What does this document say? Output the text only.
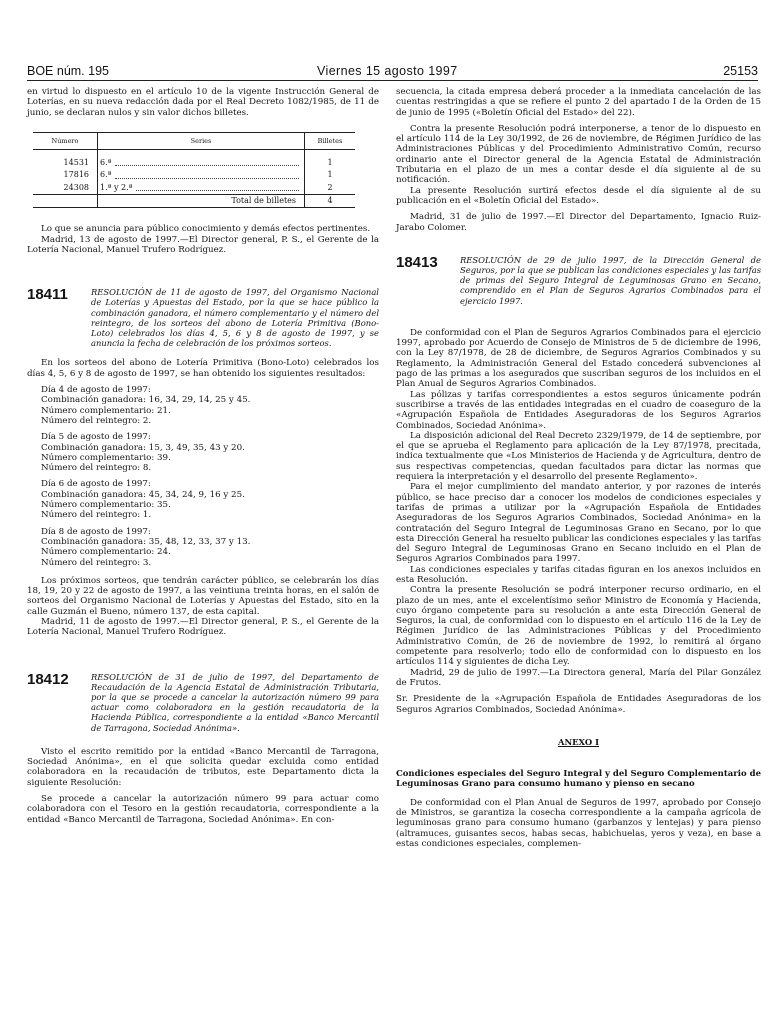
BOE núm. 195	Viernes 15 agosto 1997	25153

en virtud lo dispuesto en el artículo 10 de la vigente Instrucción General de Loterías, en su nueva redacción dada por el Real Decreto 1082/1985, de 11 de junio, se declaran nulos y sin valor dichos billetes.

Número	Series	Billetes

14531	6.ª	1
17816	6.ª	1
24308	1.ª y 2.ª	2
	Total de billetes	4

Lo que se anuncia para público conocimiento y demás efectos pertinentes.

Madrid, 13 de agosto de 1997.—El Director general, P. S., el Gerente de la Lotería Nacional, Manuel Trufero Rodríguez.

18411	RESOLUCIÓN de 11 de agosto de 1997, del Organismo Nacional de Loterías y Apuestas del Estado, por la que se hace público la combinación ganadora, el número complementario y el número del reintegro, de los sorteos del abono de Lotería Primitiva (Bono-Loto) celebrados los días 4, 5, 6 y 8 de agosto de 1997, y se anuncia la fecha de celebración de los próximos sorteos.

En los sorteos del abono de Lotería Primitiva (Bono-Loto) celebrados los días 4, 5, 6 y 8 de agosto de 1997, se han obtenido los siguientes resultados:

Día 4 de agosto de 1997:

Combinación ganadora: 16, 34, 29, 14, 25 y 45.

Número complementario: 21.

Número del reintegro: 2.

Día 5 de agosto de 1997:

Combinación ganadora: 15, 3, 49, 35, 43 y 20.

Número complementario: 39.

Número del reintegro: 8.

Día 6 de agosto de 1997:

Combinación ganadora: 45, 34, 24, 9, 16 y 25.

Número complementario: 35.

Número del reintegro: 1.

Día 8 de agosto de 1997:

Combinación ganadora: 35, 48, 12, 33, 37 y 13.

Número complementario: 24.

Número del reintegro: 3.

Los próximos sorteos, que tendrán carácter público, se celebrarán los días 18, 19, 20 y 22 de agosto de 1997, a las veintiuna treinta horas, en el salón de sorteos del Organismo Nacional de Loterías y Apuestas del Estado, sito en la calle Guzmán el Bueno, número 137, de esta capital.

Madrid, 11 de agosto de 1997.—El Director general, P. S., el Gerente de la Lotería Nacional, Manuel Trufero Rodríguez.

18412	RESOLUCIÓN de 31 de julio de 1997, del Departamento de Recaudación de la Agencia Estatal de Administración Tributaria, por la que se procede a cancelar la autorización número 99 para actuar como colaboradora en la gestión recaudatoria de la Hacienda Pública, correspondiente a la entidad «Banco Mercantil de Tarragona, Sociedad Anónima».

Visto el escrito remitido por la entidad «Banco Mercantil de Tarragona, Sociedad Anónima», en el que solicita quedar excluida como entidad colaboradora en la recaudación de tributos, este Departamento dicta la siguiente Resolución:

Se procede a cancelar la autorización número 99 para actuar como colaboradora con el Tesoro en la gestión recaudatoria, correspondiente a la entidad «Banco Mercantil de Tarragona, Sociedad Anónima». En con-

secuencia, la citada empresa deberá proceder a la inmediata cancelación de las cuentas restringidas a que se refiere el punto 2 del apartado I de la Orden de 15 de junio de 1995 («Boletín Oficial del Estado» del 22).

Contra la presente Resolución podrá interponerse, a tenor de lo dispuesto en el artículo 114 de la Ley 30/1992, de 26 de noviembre, de Régimen Jurídico de las Administraciones Públicas y del Procedimiento Administrativo Común, recurso ordinario ante el Director general de la Agencia Estatal de Administración Tributaria en el plazo de un mes a contar desde el día siguiente al de su notificación.

La presente Resolución surtirá efectos desde el día siguiente al de su publicación en el «Boletín Oficial del Estado».

Madrid, 31 de julio de 1997.—El Director del Departamento, Ignacio Ruiz-Jarabo Colomer.

18413	RESOLUCIÓN de 29 de julio 1997, de la Dirección General de Seguros, por la que se publican las condiciones especiales y las tarifas de primas del Seguro Integral de Leguminosas Grano en Secano, comprendido en el Plan de Seguros Agrarios Combinados para el ejercicio 1997.

De conformidad con el Plan de Seguros Agrarios Combinados para el ejercicio 1997, aprobado por Acuerdo de Consejo de Ministros de 5 de diciembre de 1996, con la Ley 87/1978, de 28 de diciembre, de Seguros Agrarios Combinados y su Reglamento, la Administración General del Estado concederá subvenciones al pago de las primas a los asegurados que suscriban seguros de los incluidos en el Plan Anual de Seguros Agrarios Combinados.

Las pólizas y tarifas correspondientes a estos seguros únicamente podrán suscribirse a través de las entidades integradas en el cuadro de coaseguro de la «Agrupación Española de Entidades Aseguradoras de los Seguros Agrarios Combinados, Sociedad Anónima».

La disposición adicional del Real Decreto 2329/1979, de 14 de septiembre, por el que se aprueba el Reglamento para aplicación de la Ley 87/1978, precitada, indica textualmente que «Los Ministerios de Hacienda y de Agricultura, dentro de sus respectivas competencias, quedan facultados para dictar las normas que requiera la interpretación y el desarrollo del presente Reglamento».

Para el mejor cumplimiento del mandato anterior, y por razones de interés público, se hace preciso dar a conocer los modelos de condiciones especiales y tarifas de primas a utilizar por la «Agrupación Española de Entidades Aseguradoras de los Seguros Agrarios Combinados, Sociedad Anónima» en la contratación del Seguro Integral de Leguminosas Grano en Secano, por lo que esta Dirección General ha resuelto publicar las condiciones especiales y las tarifas del Seguro Integral de Leguminosas Grano en Secano incluido en el Plan de Seguros Agrarios Combinados para 1997.

Las condiciones especiales y tarifas citadas figuran en los anexos incluidos en esta Resolución.

Contra la presente Resolución se podrá interponer recurso ordinario, en el plazo de un mes, ante el excelentísimo señor Ministro de Economía y Hacienda, cuyo órgano competente para su resolución a ante esta Dirección General de Seguros, la cual, de conformidad con lo dispuesto en el artículo 116 de la Ley de Régimen Jurídico de las Administraciones Públicas y del Procedimiento Administrativo Común, de 26 de noviembre de 1992, lo remitirá al órgano competente para resolverlo; todo ello de conformidad con lo dispuesto en los artículos 114 y siguientes de dicha Ley.

Madrid, 29 de julio de 1997.—La Directora general, María del Pilar González de Frutos.

Sr. Presidente de la «Agrupación Española de Entidades Aseguradoras de los Seguros Agrarios Combinados, Sociedad Anónima».

ANEXO I

Condiciones especiales del Seguro Integral y del Seguro Complementario de Leguminosas Grano para consumo humano y pienso en secano

De conformidad con el Plan Anual de Seguros de 1997, aprobado por Consejo de Ministros, se garantiza la cosecha correspondiente a la campaña agrícola de leguminosas grano para consumo humano (garbanzos y lentejas) y para pienso (altramuces, guisantes secos, habas secas, habichuelas, yeros y veza), en base a estas condiciones especiales, complemen-
